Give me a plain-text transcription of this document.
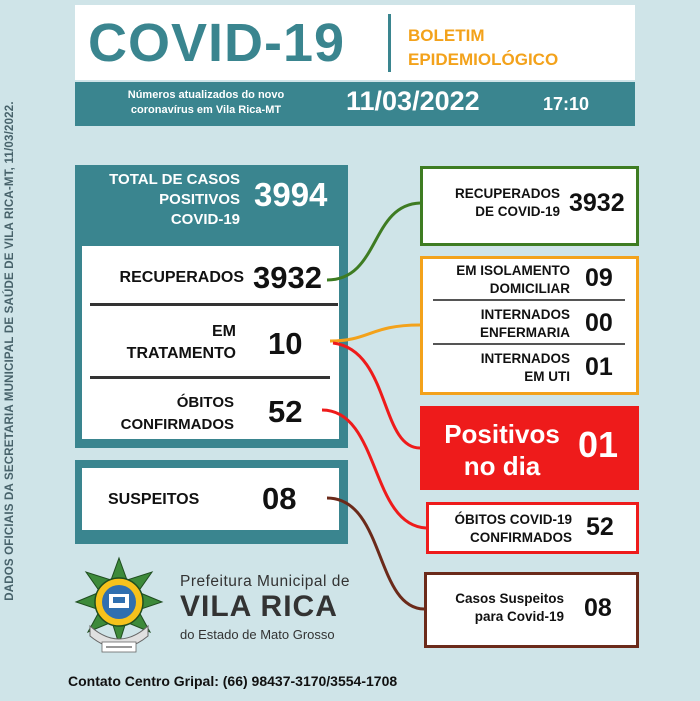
DADOS OFICIAIS DA SECRETARIA MUNICIPAL DE SAÚDE DE VILA RICA-MT, 11/03/2022.
COVID-19	BOLETIM
EPIDEMIOLÓGICO
Números atualizados do novo
coronavírus em Vila Rica-MT	11/03/2022	17:10
TOTAL DE CASOS
POSITIVOS
COVID-19
3994
RECUPERADOS 3932
EM
TRATAMENTO 10
ÓBITOS
CONFIRMADOS 52
SUSPEITOS 08
RECUPERADOS
DE COVID-19 3932
EM ISOLAMENTO
DOMICILIAR 09
INTERNADOS
ENFERMARIA 00
INTERNADOS
EM UTI 01
Positivos
no dia
01
ÓBITOS COVID-19
CONFIRMADOS 52
Casos Suspeitos
para Covid-19 08
Prefeitura Municipal de
VILA RICA
do Estado de Mato Grosso
Contato Centro Gripal: (66) 98437-3170/3554-1708
